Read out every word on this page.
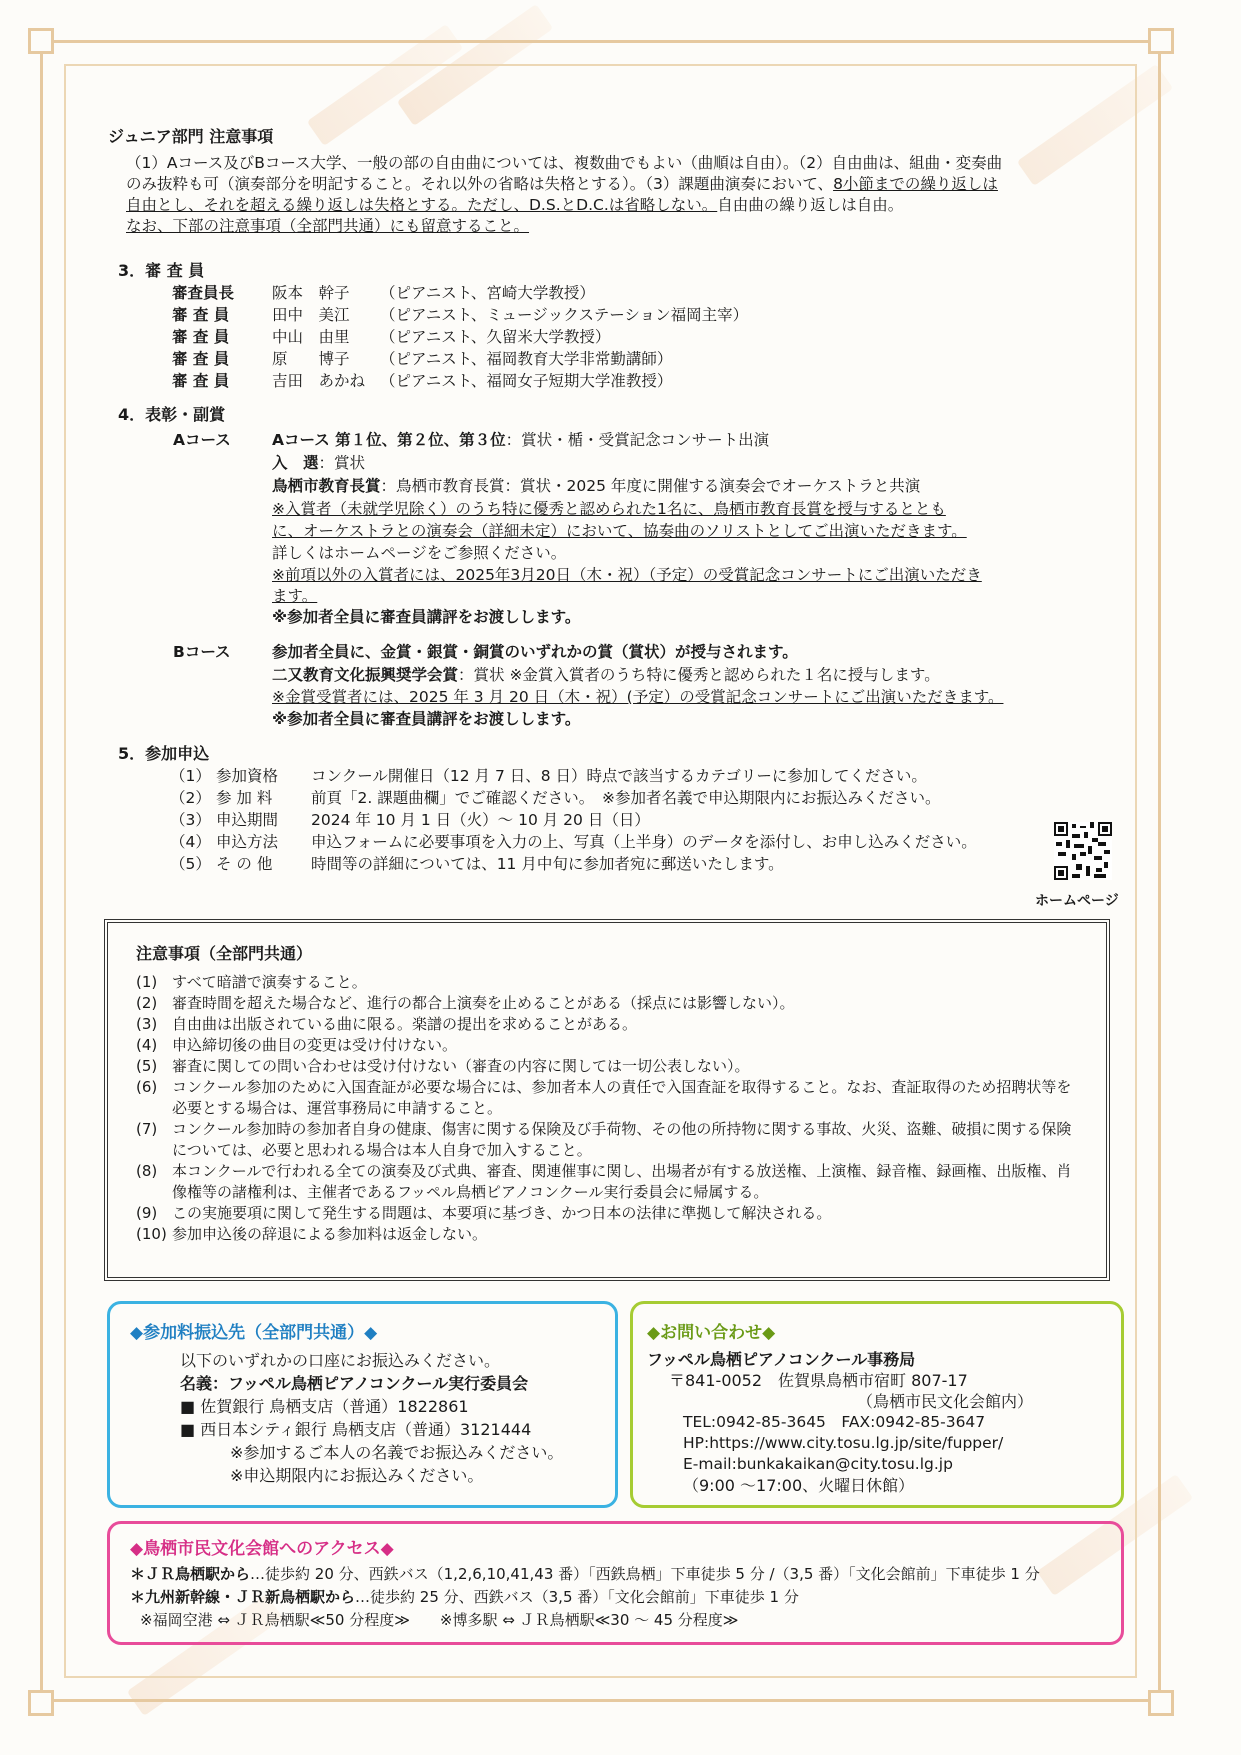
ジュニア部門 注意事項
（1）Aコース及びBコース大学、一般の部の自由曲については、複数曲でもよい（曲順は自由）。（2）自由曲は、組曲・変奏曲
のみ抜粋も可（演奏部分を明記すること。それ以外の省略は失格とする）。（3）課題曲演奏において、8小節までの繰り返しは
自由とし、それを超える繰り返しは失格とする。ただし、D.S.とD.C.は省略しない。自由曲の繰り返しは自由。
なお、下部の注意事項（全部門共通）にも留意すること。
3．審 査 員
審査員長 阪本　幹子 （ピアニスト、宮崎大学教授）
審 査 員	田中　美江 （ピアニスト、ミュージックステーション福岡主宰）
審 査 員	中山　由里 （ピアニスト、久留米大学教授）
審 査 員	原　　博子 （ピアニスト、福岡教育大学非常勤講師）
審 査 員	吉田　あかね （ピアニスト、福岡女子短期大学准教授）
4．表彰・副賞
Aコース	Aコース 第１位、第２位、第３位：賞状・楯・受賞記念コンサート出演
入　選：賞状
鳥栖市教育長賞：鳥栖市教育長賞：賞状・2025 年度に開催する演奏会でオーケストラと共演
※入賞者（未就学児除く）のうち特に優秀と認められた1名に、鳥栖市教育長賞を授与するととも
に、オーケストラとの演奏会（詳細未定）において、協奏曲のソリストとしてご出演いただきます。
詳しくはホームページをご参照ください。
※前項以外の入賞者には、2025年3月20日（木・祝）（予定）の受賞記念コンサートにご出演いただき
ます。
※参加者全員に審査員講評をお渡しします。
Bコース	参加者全員に、金賞・銀賞・銅賞のいずれかの賞（賞状）が授与されます。
二又教育文化振興奨学会賞：賞状 ※金賞入賞者のうち特に優秀と認められた１名に授与します。
※金賞受賞者には、2025 年 3 月 20 日（木・祝）(予定）の受賞記念コンサートにご出演いただきます。
※参加者全員に審査員講評をお渡しします。
5．参加申込
（1） 参加資格 コンクール開催日（12 月 7 日、8 日）時点で該当するカテゴリーに参加してください。
（2） 参 加 料 前頁「2. 課題曲欄」でご確認ください。　※参加者名義で申込期限内にお振込みください。
（3） 申込期間 2024 年 10 月 1 日（火）～ 10 月 20 日（日）
（4） 申込方法 申込フォームに必要事項を入力の上、写真（上半身）のデータを添付し、お申し込みください。
（5） そ の 他 時間等の詳細については、11 月中旬に参加者宛に郵送いたします。
ホームページ
注意事項（全部門共通）
(1) すべて暗譜で演奏すること。
(2) 審査時間を超えた場合など、進行の都合上演奏を止めることがある（採点には影響しない）。
(3) 自由曲は出版されている曲に限る。楽譜の提出を求めることがある。
(4) 申込締切後の曲目の変更は受け付けない。
(5) 審査に関しての問い合わせは受け付けない（審査の内容に関しては一切公表しない）。
(6) コンクール参加のために入国査証が必要な場合には、参加者本人の責任で入国査証を取得すること。なお、査証取得のため招聘状等を必要とする場合は、運営事務局に申請すること。
(7) コンクール参加時の参加者自身の健康、傷害に関する保険及び手荷物、その他の所持物に関する事故、火災、盗難、破損に関する保険については、必要と思われる場合は本人自身で加入すること。
(8) 本コンクールで行われる全ての演奏及び式典、審査、関連催事に関し、出場者が有する放送権、上演権、録音権、録画権、出版権、肖像権等の諸権利は、主催者であるフッペル鳥栖ピアノコンクール実行委員会に帰属する。
(9) この実施要項に関して発生する問題は、本要項に基づき、かつ日本の法律に準拠して解決される。
(10) 参加申込後の辞退による参加料は返金しない。
◆参加料振込先（全部門共通）◆
以下のいずれかの口座にお振込みください。
名義：フッペル鳥栖ピアノコンクール実行委員会
■ 佐賀銀行 鳥栖支店（普通）1822861
■ 西日本シティ銀行 鳥栖支店（普通）3121444
※参加するご本人の名義でお振込みください。
※申込期限内にお振込みください。
◆お問い合わせ◆
フッペル鳥栖ピアノコンクール事務局
〒841-0052　佐賀県鳥栖市宿町 807-17
（鳥栖市民文化会館内）
TEL:0942-85-3645　FAX:0942-85-3647
HP:https://www.city.tosu.lg.jp/site/fupper/
E-mail:bunkakaikan@city.tosu.lg.jp
（9:00 ～17:00、火曜日休館）
◆鳥栖市民文化会館へのアクセス◆
＊ＪＲ鳥栖駅から…徒歩約 20 分、西鉄バス（1,2,6,10,41,43 番）「西鉄鳥栖」下車徒歩 5 分 /（3,5 番）「文化会館前」下車徒歩 1 分
＊九州新幹線・ＪＲ新鳥栖駅から…徒歩約 25 分、西鉄バス（3,5 番）「文化会館前」下車徒歩 1 分
※福岡空港 ⇔ ＪＲ鳥栖駅≪50 分程度≫　　※博多駅 ⇔ ＪＲ鳥栖駅≪30 ～ 45 分程度≫
